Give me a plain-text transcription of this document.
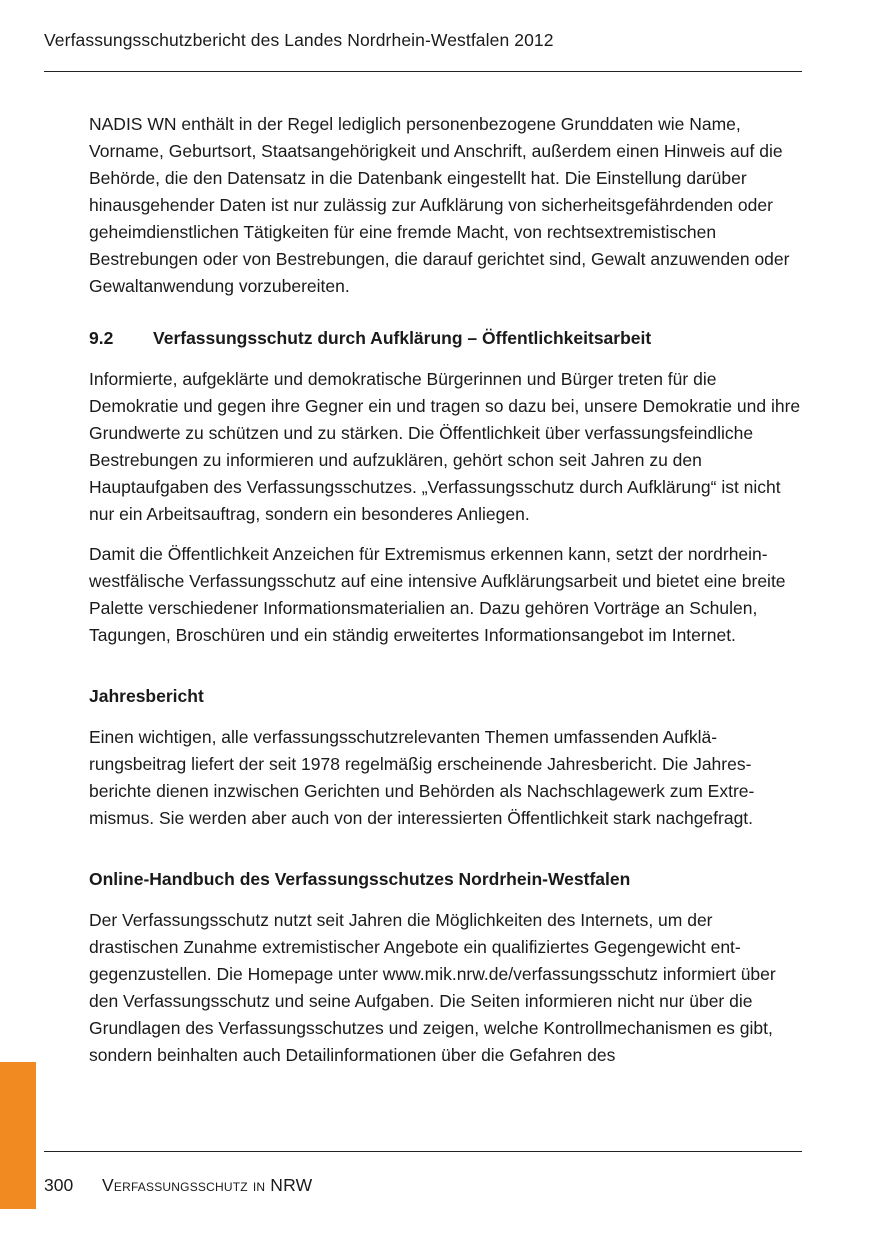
Verfassungsschutzbericht des Landes Nordrhein-Westfalen 2012

NADIS WN enthält in der Regel lediglich personenbezogene Grunddaten wie Name, Vorname, Geburtsort, Staatsangehörigkeit und Anschrift, außerdem einen Hinweis auf die Behörde, die den Datensatz in die Datenbank eingestellt hat. Die Einstellung darüber hinausgehender Daten ist nur zulässig zur Aufklärung von sicherheitsgefährdenden oder geheimdienstlichen Tätigkeiten für eine fremde Macht, von rechtsextremistischen Bestrebungen oder von Bestrebungen, die darauf gerichtet sind, Gewalt anzuwenden oder Gewaltanwendung vorzubereiten.

9.2	Verfassungsschutz durch Aufklärung – Öffentlichkeitsarbeit

Informierte, aufgeklärte und demokratische Bürgerinnen und Bürger treten für die Demokratie und gegen ihre Gegner ein und tragen so dazu bei, unsere Demokratie und ihre Grundwerte zu schützen und zu stärken. Die Öffentlichkeit über verfassungsfeindliche Bestrebungen zu informieren und aufzuklären, gehört schon seit Jahren zu den Hauptaufgaben des Verfassungsschutzes. „Verfassungsschutz durch Aufklärung“ ist nicht nur ein Arbeitsauftrag, sondern ein besonderes Anliegen.

Damit die Öffentlichkeit Anzeichen für Extremismus erkennen kann, setzt der nordrhein-westfälische Verfassungsschutz auf eine intensive Aufklärungsarbeit und bietet eine breite Palette verschiedener Informationsmaterialien an. Dazu gehören Vorträge an Schulen, Tagungen, Broschüren und ein ständig erweitertes Informationsangebot im Internet.

Jahresbericht

Einen wichtigen, alle verfassungsschutzrelevanten Themen umfassenden Aufklärungsbeitrag liefert der seit 1978 regelmäßig erscheinende Jahresbericht. Die Jahresberichte dienen inzwischen Gerichten und Behörden als Nachschlagewerk zum Extremismus. Sie werden aber auch von der interessierten Öffentlichkeit stark nachgefragt.

Online-Handbuch des Verfassungsschutzes Nordrhein-Westfalen

Der Verfassungsschutz nutzt seit Jahren die Möglichkeiten des Internets, um der drastischen Zunahme extremistischer Angebote ein qualifiziertes Gegengewicht entgegenzustellen. Die Homepage unter www.mik.nrw.de/verfassungsschutz informiert über den Verfassungsschutz und seine Aufgaben. Die Seiten informieren nicht nur über die Grundlagen des Verfassungsschutzes und zeigen, welche Kontrollmechanismen es gibt, sondern beinhalten auch Detailinformationen über die Gefahren des

300	Verfassungsschutz in NRW
